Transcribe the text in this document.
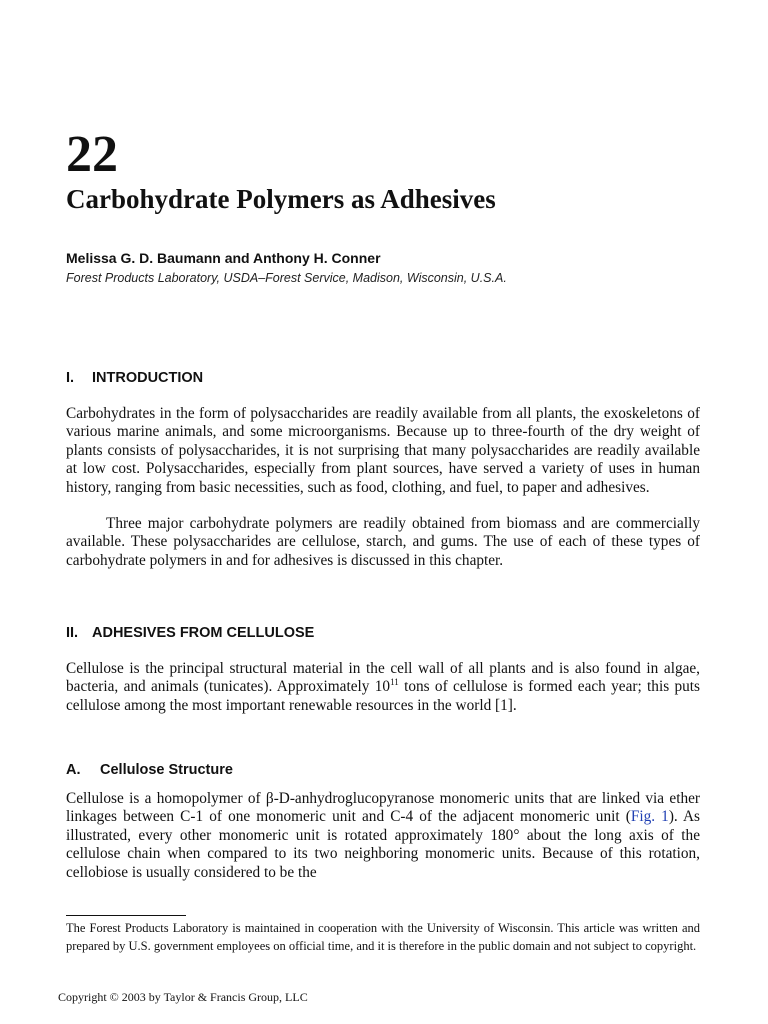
22
Carbohydrate Polymers as Adhesives

Melissa G. D. Baumann and Anthony H. Conner

Forest Products Laboratory, USDA–Forest Service, Madison, Wisconsin, U.S.A.

I. INTRODUCTION

Carbohydrates in the form of polysaccharides are readily available from all plants, the exoskeletons of various marine animals, and some microorganisms. Because up to three-fourth of the dry weight of plants consists of polysaccharides, it is not surprising that many polysaccharides are readily available at low cost. Polysaccharides, especially from plant sources, have served a variety of uses in human history, ranging from basic necessities, such as food, clothing, and fuel, to paper and adhesives.

Three major carbohydrate polymers are readily obtained from biomass and are commercially available. These polysaccharides are cellulose, starch, and gums. The use of each of these types of carbohydrate polymers in and for adhesives is discussed in this chapter.

II. ADHESIVES FROM CELLULOSE

Cellulose is the principal structural material in the cell wall of all plants and is also found in algae, bacteria, and animals (tunicates). Approximately $10^{11}$ tons of cellulose is formed each year; this puts cellulose among the most important renewable resources in the world [1].

A. Cellulose Structure

Cellulose is a homopolymer of β-D-anhydroglucopyranose monomeric units that are linked via ether linkages between C-1 of one monomeric unit and C-4 of the adjacent monomeric unit (Fig. 1). As illustrated, every other monomeric unit is rotated approximately 180° about the long axis of the cellulose chain when compared to its two neighboring monomeric units. Because of this rotation, cellobiose is usually considered to be the

The Forest Products Laboratory is maintained in cooperation with the University of Wisconsin. This article was written and prepared by U.S. government employees on official time, and it is therefore in the public domain and not subject to copyright.

Copyright © 2003 by Taylor & Francis Group, LLC
